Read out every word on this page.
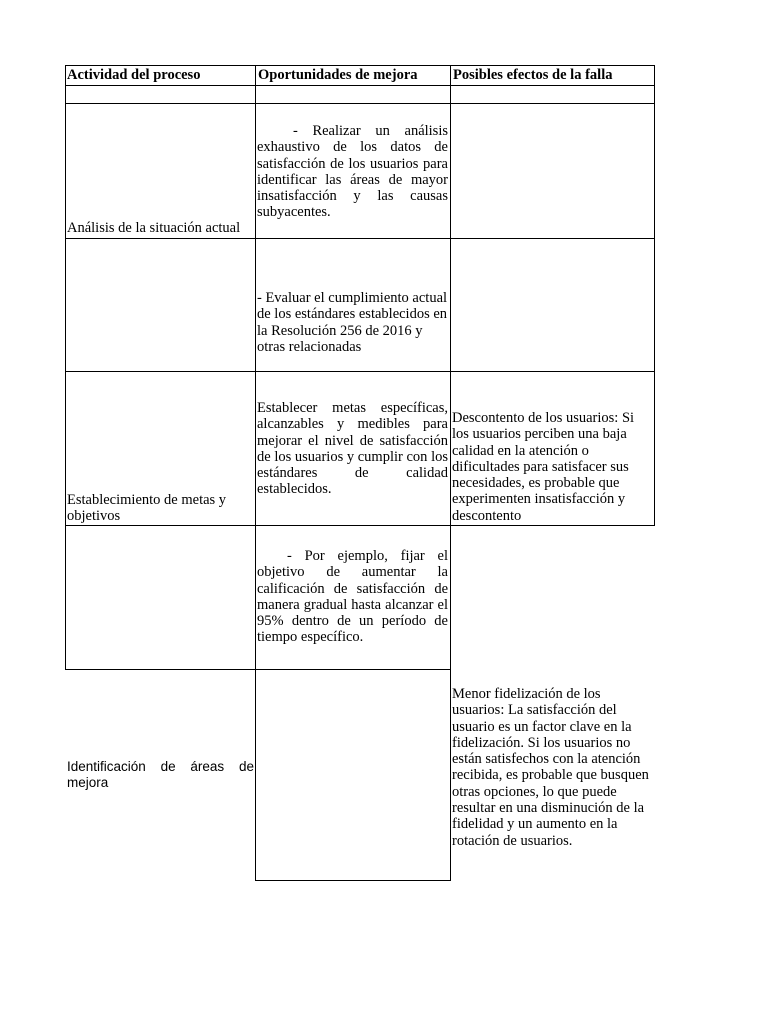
Actividad del proceso	Oportunidades de mejora Posibles efectos de la falla
Análisis de la situación actual
- Realizar un análisis exhaustivo de los datos de satisfacción de los usuarios para identificar las áreas de mayor insatisfacción y las causas subyacentes.
- Evaluar el cumplimiento actual de los estándares establecidos en la Resolución 256 de 2016 y otras relacionadas
Establecimiento de metas y objetivos
Establecer metas específicas, alcanzables y medibles para mejorar el nivel de satisfacción de los usuarios y cumplir con los estándares de calidad establecidos.
Descontento de los usuarios: Si los usuarios perciben una baja calidad en la atención o dificultades para satisfacer sus necesidades, es probable que experimenten insatisfacción y descontento
- Por ejemplo, fijar el objetivo de aumentar la calificación de satisfacción de manera gradual hasta alcanzar el 95% dentro de un período de tiempo específico.
Identificación de áreas de mejora
Menor fidelización de los usuarios: La satisfacción del usuario es un factor clave en la fidelización. Si los usuarios no están satisfechos con la atención recibida, es probable que busquen otras opciones, lo que puede resultar en una disminución de la fidelidad y un aumento en la rotación de usuarios.
